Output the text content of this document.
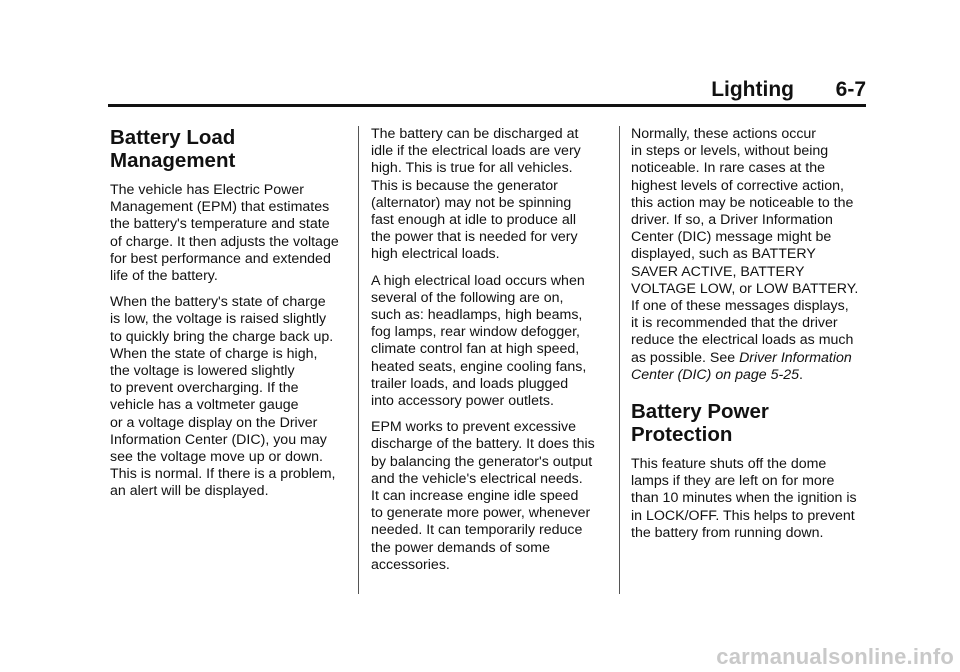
Lighting 6-7
Battery Load
Management

The vehicle has Electric Power
Management (EPM) that estimates
the battery's temperature and state
of charge. It then adjusts the voltage
for best performance and extended
life of the battery.

When the battery's state of charge
is low, the voltage is raised slightly
to quickly bring the charge back up.
When the state of charge is high,
the voltage is lowered slightly
to prevent overcharging. If the
vehicle has a voltmeter gauge
or a voltage display on the Driver
Information Center (DIC), you may
see the voltage move up or down.
This is normal. If there is a problem,
an alert will be displayed.

The battery can be discharged at
idle if the electrical loads are very
high. This is true for all vehicles.
This is because the generator
(alternator) may not be spinning
fast enough at idle to produce all
the power that is needed for very
high electrical loads.

A high electrical load occurs when
several of the following are on,
such as: headlamps, high beams,
fog lamps, rear window defogger,
climate control fan at high speed,
heated seats, engine cooling fans,
trailer loads, and loads plugged
into accessory power outlets.

EPM works to prevent excessive
discharge of the battery. It does this
by balancing the generator's output
and the vehicle's electrical needs.
It can increase engine idle speed
to generate more power, whenever
needed. It can temporarily reduce
the power demands of some
accessories.

Normally, these actions occur
in steps or levels, without being
noticeable. In rare cases at the
highest levels of corrective action,
this action may be noticeable to the
driver. If so, a Driver Information
Center (DIC) message might be
displayed, such as BATTERY
SAVER ACTIVE, BATTERY
VOLTAGE LOW, or LOW BATTERY.
If one of these messages displays,
it is recommended that the driver
reduce the electrical loads as much
as possible. See Driver Information
Center (DIC) on page 5-25.

Battery Power Protection

This feature shuts off the dome
lamps if they are left on for more
than 10 minutes when the ignition is
in LOCK/OFF. This helps to prevent
the battery from running down.

carmanualsonline.info
